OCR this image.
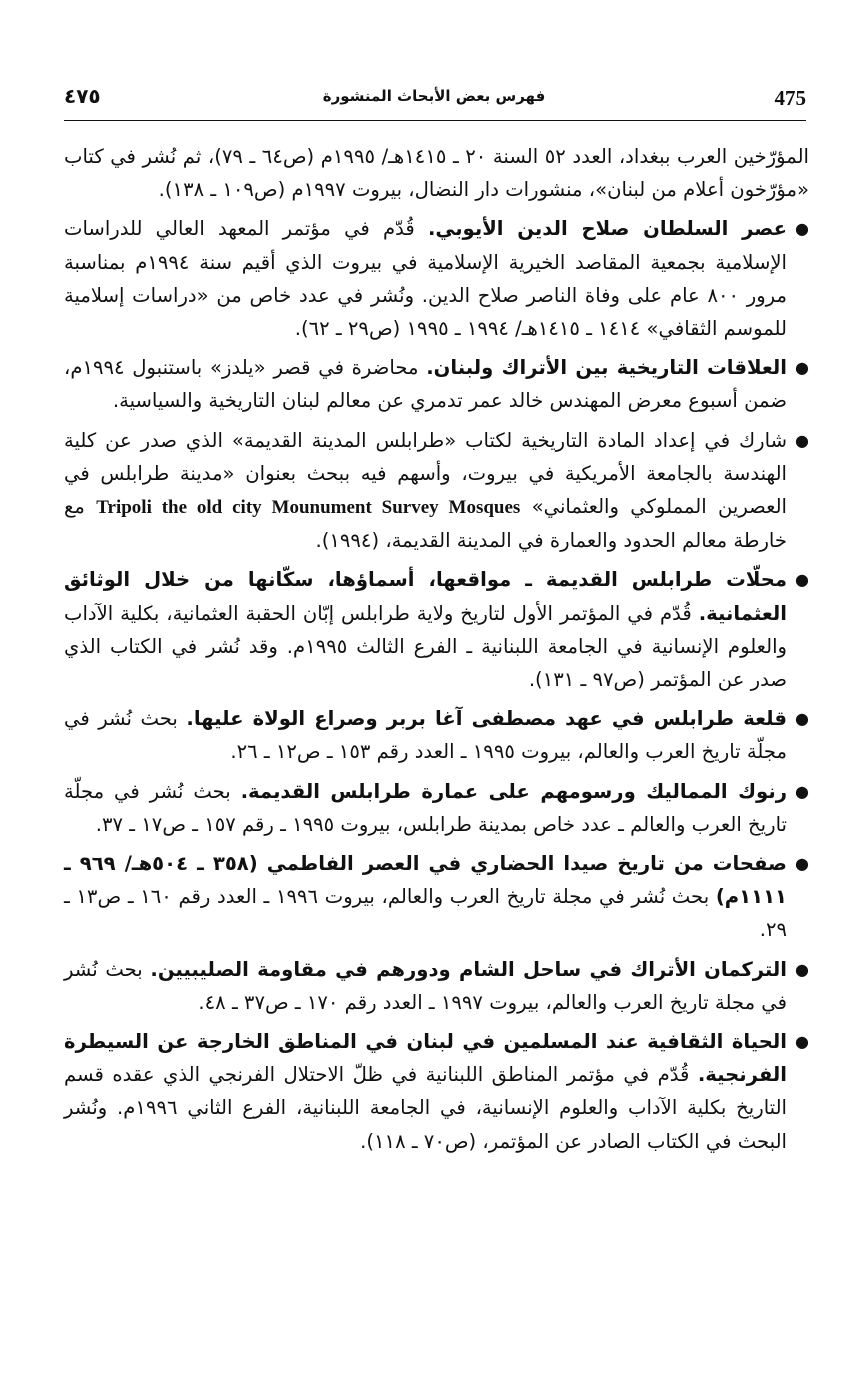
٤٧٥	فهرس بعض الأبحاث المنشورة	475

المؤرّخين العرب ببغداد، العدد ٥٢ السنة ٢٠ ـ ١٤١٥هـ/ ١٩٩٥م (ص٦٤ ـ ٧٩)، ثم نُشر في كتاب «مؤرّخون أعلام من لبنان»، منشورات دار النضال، بيروت ١٩٩٧م (ص١٠٩ ـ ١٣٨).

●
عصر السلطان صلاح الدين الأيوبي. قُدّم في مؤتمر المعهد العالي للدراسات الإسلامية بجمعية المقاصد الخيرية الإسلامية في بيروت الذي أقيم سنة ١٩٩٤م بمناسبة مرور ٨٠٠ عام على وفاة الناصر صلاح الدين. ونُشر في عدد خاص من «دراسات إسلامية للموسم الثقافي» ١٤١٤ ـ ١٤١٥هـ/ ١٩٩٤ ـ ١٩٩٥ (ص٢٩ ـ ٦٢).
●
العلاقات التاريخية بين الأتراك ولبنان. محاضرة في قصر «يلدز» باستنبول ١٩٩٤م، ضمن أسبوع معرض المهندس خالد عمر تدمري عن معالم لبنان التاريخية والسياسية.
●
شارك في إعداد المادة التاريخية لكتاب «طرابلس المدينة القديمة» الذي صدر عن كلية الهندسة بالجامعة الأمريكية في بيروت، وأسهم فيه ببحث بعنوان «مدينة طرابلس في العصرين المملوكي والعثماني» Tripoli the old city Mounument Survey Mosques مع خارطة معالم الحدود والعمارة في المدينة القديمة، (١٩٩٤).
●
محلّات طرابلس القديمة ـ مواقعها، أسماؤها، سكّانها من خلال الوثائق العثمانية. قُدّم في المؤتمر الأول لتاريخ ولاية طرابلس إبّان الحقبة العثمانية، بكلية الآداب والعلوم الإنسانية في الجامعة اللبنانية ـ الفرع الثالث ١٩٩٥م. وقد نُشر في الكتاب الذي صدر عن المؤتمر (ص٩٧ ـ ١٣١).
●
قلعة طرابلس في عهد مصطفى آغا بربر وصراع الولاة عليها. بحث نُشر في مجلّة تاريخ العرب والعالم، بيروت ١٩٩٥ ـ العدد رقم ١٥٣ ـ ص١٢ ـ ٢٦.
●
رنوك المماليك ورسومهم على عمارة طرابلس القديمة. بحث نُشر في مجلّة تاريخ العرب والعالم ـ عدد خاص بمدينة طرابلس، بيروت ١٩٩٥ ـ رقم ١٥٧ ـ ص١٧ ـ ٣٧.
●
صفحات من تاريخ صيدا الحضاري في العصر الفاطمي (٣٥٨ ـ ٥٠٤هـ/ ٩٦٩ ـ ١١١١م) بحث نُشر في مجلة تاريخ العرب والعالم، بيروت ١٩٩٦ ـ العدد رقم ١٦٠ ـ ص١٣ ـ ٢٩.
●
التركمان الأتراك في ساحل الشام ودورهم في مقاومة الصليبيين. بحث نُشر في مجلة تاريخ العرب والعالم، بيروت ١٩٩٧ ـ العدد رقم ١٧٠ ـ ص٣٧ ـ ٤٨.
●
الحياة الثقافية عند المسلمين في لبنان في المناطق الخارجة عن السيطرة الفرنجية. قُدّم في مؤتمر المناطق اللبنانية في ظلّ الاحتلال الفرنجي الذي عقده قسم التاريخ بكلية الآداب والعلوم الإنسانية، في الجامعة اللبنانية، الفرع الثاني ١٩٩٦م. ونُشر البحث في الكتاب الصادر عن المؤتمر، (ص٧٠ ـ ١١٨).
